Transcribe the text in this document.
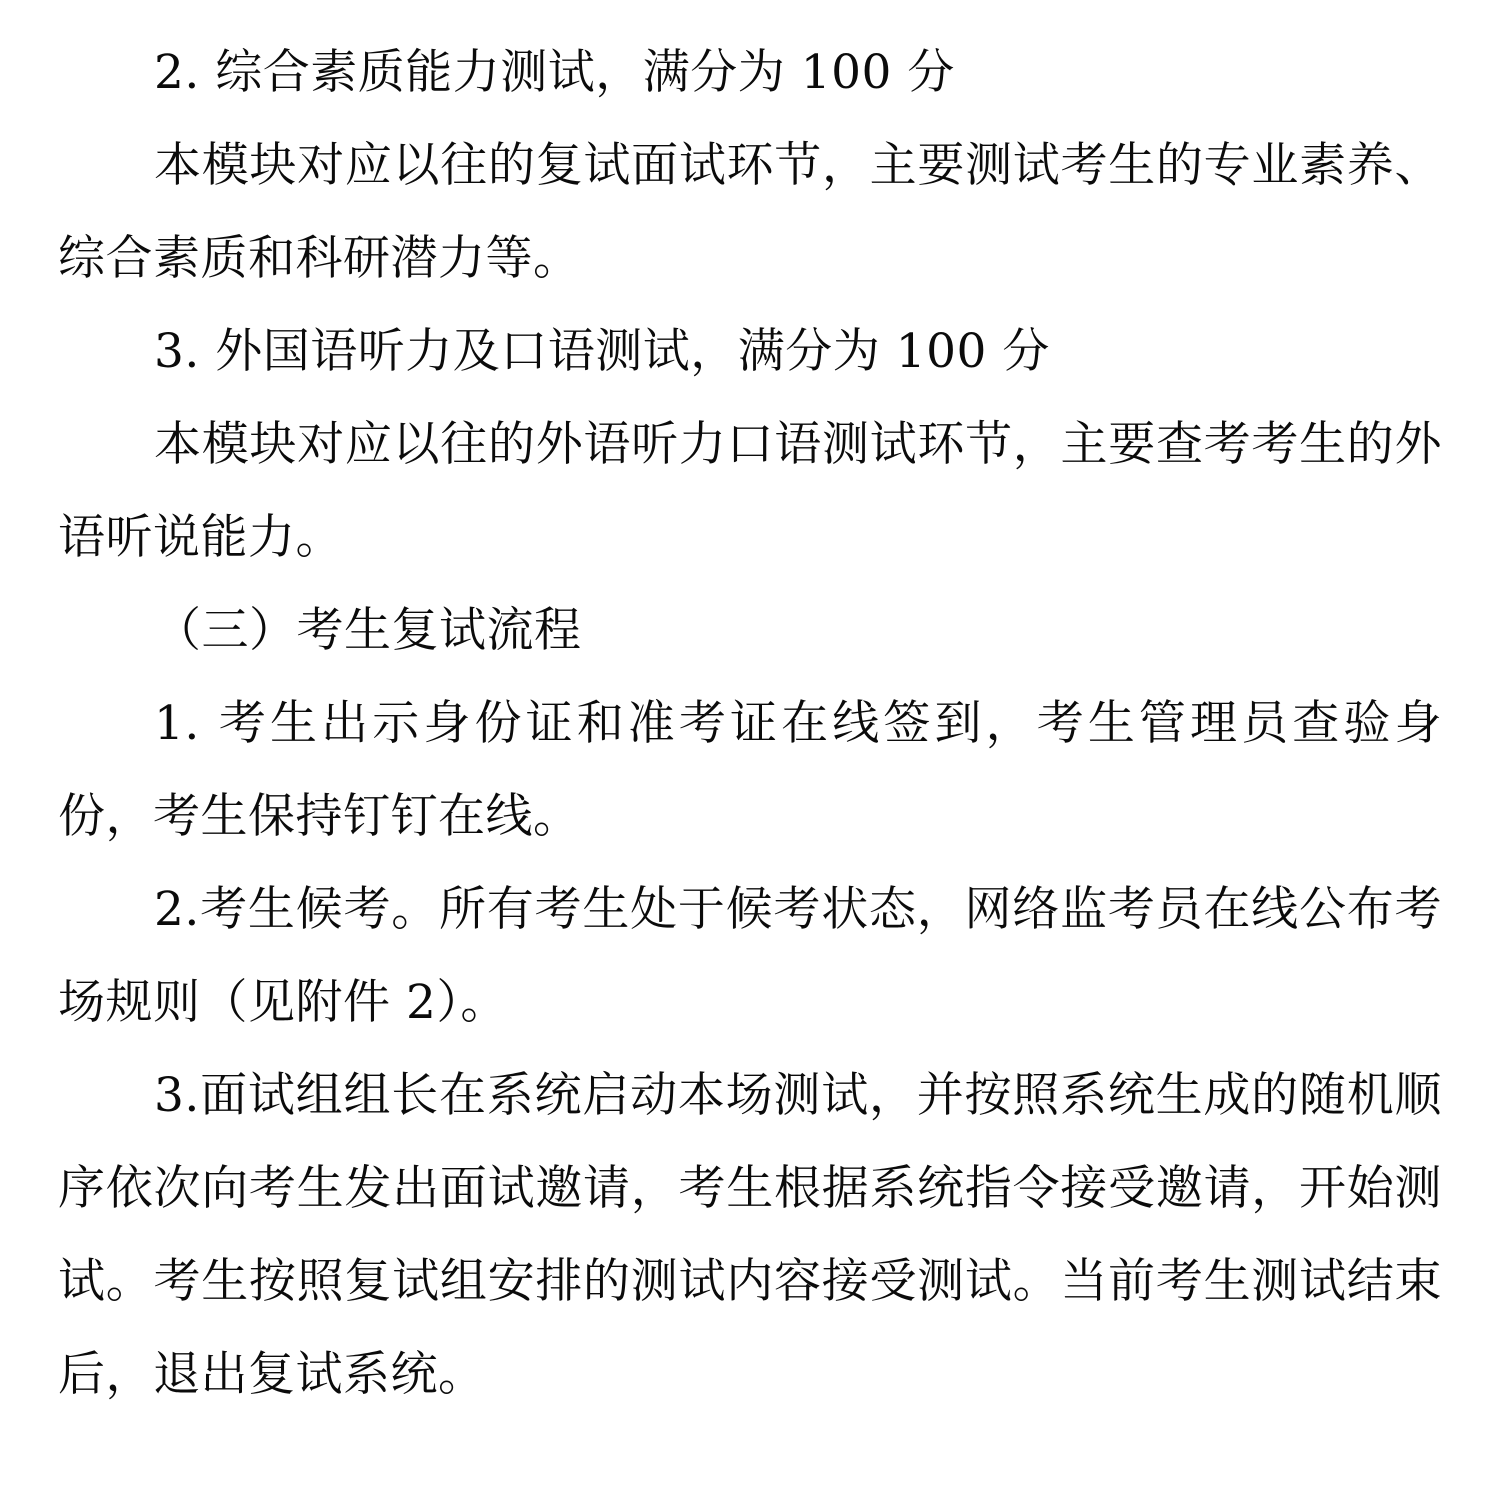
2. 综合素质能力测试，满分为 100 分

本模块对应以往的复试面试环节，主要测试考生的专业素养、综合素质和科研潜力等。

3. 外国语听力及口语测试，满分为 100 分

本模块对应以往的外语听力口语测试环节，主要查考考生的外语听说能力。

（三）考生复试流程

1. 考生出示身份证和准考证在线签到，考生管理员查验身份，考生保持钉钉在线。

2.考生候考。所有考生处于候考状态，网络监考员在线公布考场规则（见附件 2）。

3.面试组组长在系统启动本场测试，并按照系统生成的随机顺序依次向考生发出面试邀请，考生根据系统指令接受邀请，开始测试。考生按照复试组安排的测试内容接受测试。当前考生测试结束后，退出复试系统。
